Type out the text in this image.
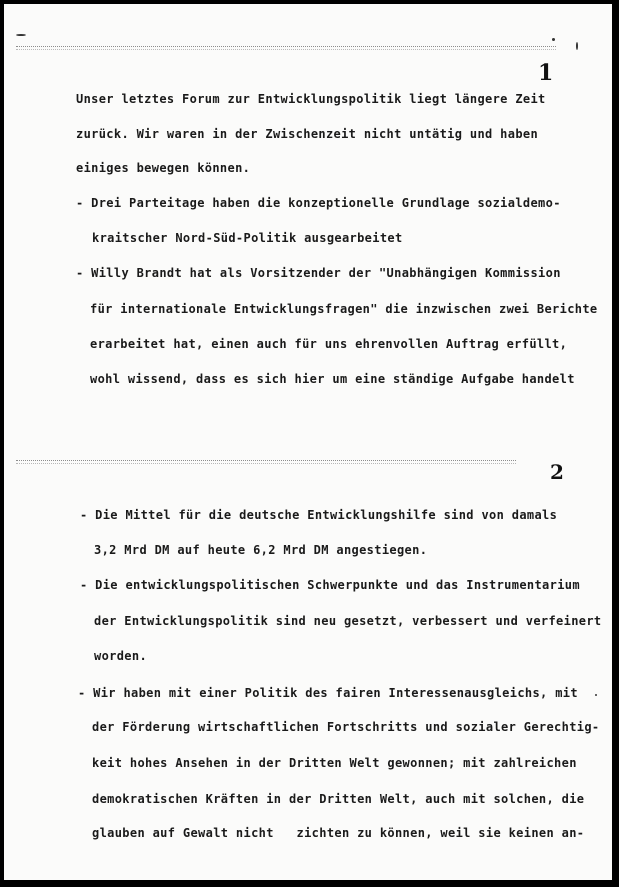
1
Unser letztes Forum zur Entwicklungspolitik liegt längere Zeit
zurück. Wir waren in der Zwischenzeit nicht untätig und haben
einiges bewegen können.
- Drei Parteitage haben die konzeptionelle Grundlage sozialdemo-
kraitscher Nord-Süd-Politik ausgearbeitet
- Willy Brandt hat als Vorsitzender der "Unabhängigen Kommission
für internationale Entwicklungsfragen" die inzwischen zwei Berichte
erarbeitet hat, einen auch für uns ehrenvollen Auftrag erfüllt,
wohl wissend, dass es sich hier um eine ständige Aufgabe handelt
2
- Die Mittel für die deutsche Entwicklungshilfe sind von damals
3,2 Mrd DM auf heute 6,2 Mrd DM angestiegen.
- Die entwicklungspolitischen Schwerpunkte und das Instrumentarium
der Entwicklungspolitik sind neu gesetzt, verbessert und verfeinert
worden.
- Wir haben mit einer Politik des fairen Interessenausgleichs, mit
der Förderung wirtschaftlichen Fortschritts und sozialer Gerechtig-
keit hohes Ansehen in der Dritten Welt gewonnen; mit zahlreichen
demokratischen Kräften in der Dritten Welt, auch mit solchen, die
glauben auf Gewalt nicht   zichten zu können, weil sie keinen an-
